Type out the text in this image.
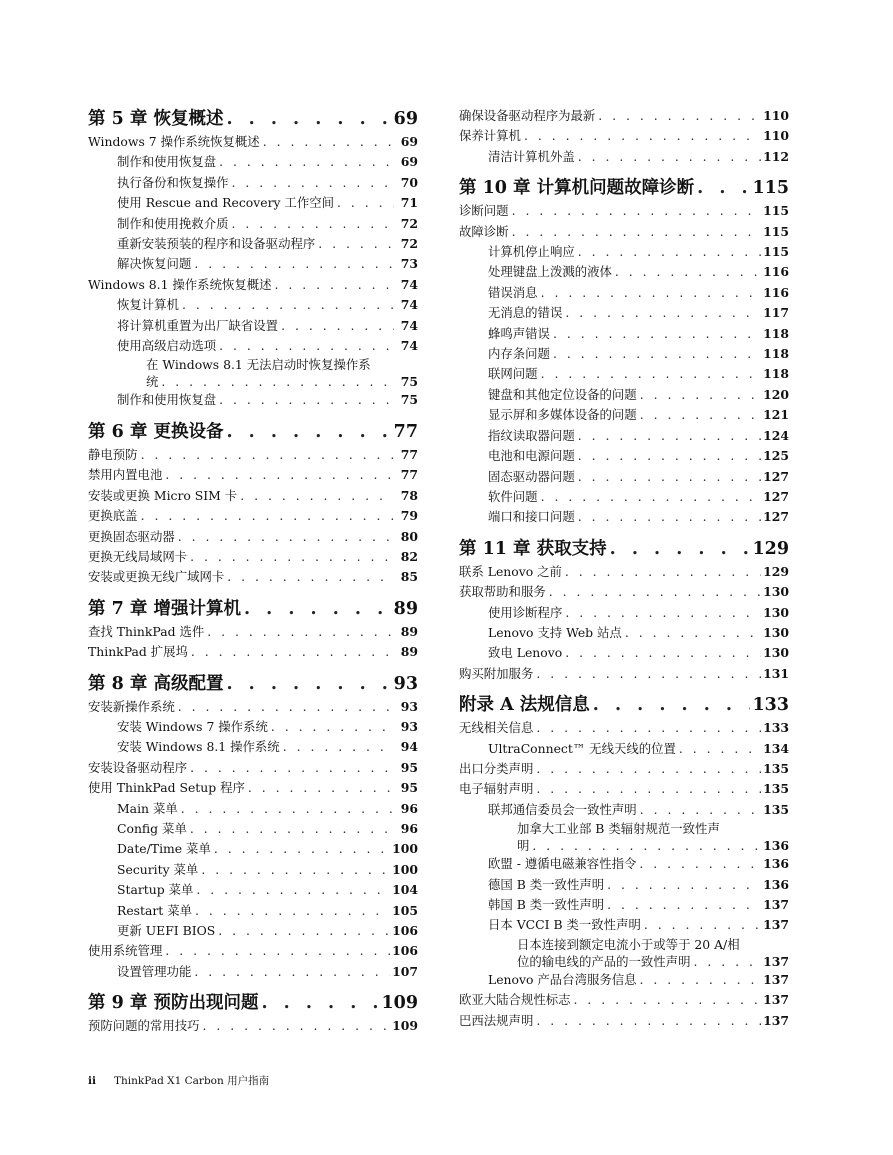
第 5 章 恢复概述 . . .	69
Windows 7 操作系统恢复概述 . . .	69
制作和使用恢复盘 . . .	69
执行备份和恢复操作 . . .	70
使用 Rescue and Recovery 工作空间 . . .	71
制作和使用挽救介质 . . .	72
重新安装预装的程序和设备驱动程序 . . .	72
解决恢复问题 . . .	73
Windows 8.1 操作系统恢复概述 . . .	74
恢复计算机 . . .	74
将计算机重置为出厂缺省设置 . . .	74
使用高级启动选项 . . .	74
在 Windows 8.1 无法启动时恢复操作系
统 . . .	75
制作和使用恢复盘 . . .	75
第 6 章 更换设备 . . .	77
静电预防 . . .	77
禁用内置电池 . . .	77
安装或更换 Micro SIM 卡 . . .	78
更换底盖 . . .	79
更换固态驱动器 . . .	80
更换无线局域网卡 . . .	82
安装或更换无线广域网卡 . . .	85
第 7 章 增强计算机 . . .	89
查找 ThinkPad 选件 . . .	89
ThinkPad 扩展坞 . . .	89
第 8 章 高级配置 . . .	93
安装新操作系统 . . .	93
安装 Windows 7 操作系统 . . .	93
安装 Windows 8.1 操作系统 . . .	94
安装设备驱动程序 . . .	95
使用 ThinkPad Setup 程序 . . .	95
Main 菜单 . . .	96
Config 菜单 . . .	96
Date/Time 菜单 . . .	100
Security 菜单 . . .	100
Startup 菜单 . . .	104
Restart 菜单 . . .	105
更新 UEFI BIOS . . .	106
使用系统管理 . . .	106
设置管理功能 . . .	107
第 9 章 预防出现问题 . . .	109
预防问题的常用技巧 . . .	109
确保设备驱动程序为最新 . . .	110
保养计算机 . . .	110
清洁计算机外盖 . . .	112
第 10 章 计算机问题故障诊断 . . .	115
诊断问题 . . .	115
故障诊断 . . .	115
计算机停止响应 . . .	115
处理键盘上泼溅的液体 . . .	116
错误消息 . . .	116
无消息的错误 . . .	117
蜂鸣声错误 . . .	118
内存条问题 . . .	118
联网问题 . . .	118
键盘和其他定位设备的问题 . . .	120
显示屏和多媒体设备的问题 . . .	121
指纹读取器问题 . . .	124
电池和电源问题 . . .	125
固态驱动器问题 . . .	127
软件问题 . . .	127
端口和接口问题 . . .	127
第 11 章 获取支持 . . .	129
联系 Lenovo 之前 . . .	129
获取帮助和服务 . . .	130
使用诊断程序 . . .	130
Lenovo 支持 Web 站点 . . .	130
致电 Lenovo . . .	130
购买附加服务 . . .	131
附录 A 法规信息 . . .	133
无线相关信息 . . .	133
UltraConnect™ 无线天线的位置 . . .	134
出口分类声明 . . .	135
电子辐射声明 . . .	135
联邦通信委员会一致性声明 . . .	135
加拿大工业部 B 类辐射规范一致性声
明 . . .	136
欧盟 - 遵循电磁兼容性指令 . . .	136
德国 B 类一致性声明 . . .	136
韩国 B 类一致性声明 . . .	137
日本 VCCI B 类一致性声明 . . .	137
日本连接到额定电流小于或等于 20 A/相
位的输电线的产品的一致性声明 . . .	137
Lenovo 产品台湾服务信息 . . .	137
欧亚大陆合规性标志 . . .	137
巴西法规声明 . . .	137
ii ThinkPad X1 Carbon 用户指南
